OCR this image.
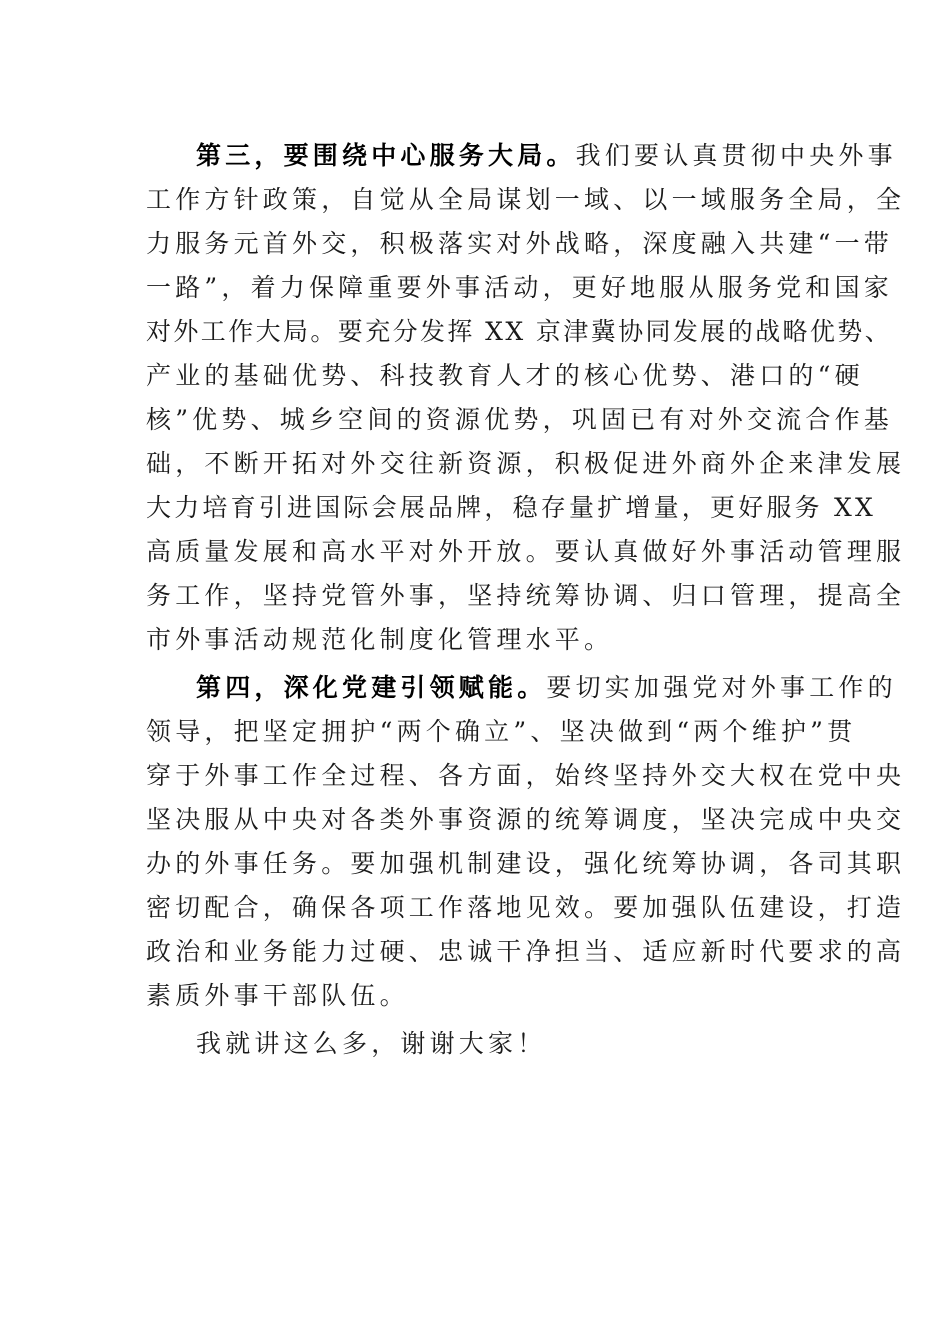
第三，要围绕中心服务大局。我们要认真贯彻中央外事
工作方针政策，自觉从全局谋划一域、以一域服务全局，全
力服务元首外交，积极落实对外战略，深度融入共建“一带
一路”，着力保障重要外事活动，更好地服从服务党和国家
对外工作大局。要充分发挥 XX 京津冀协同发展的战略优势、
产业的基础优势、科技教育人才的核心优势、港口的“硬
核”优势、城乡空间的资源优势，巩固已有对外交流合作基
础，不断开拓对外交往新资源，积极促进外商外企来津发展
大力培育引进国际会展品牌，稳存量扩增量，更好服务 XX
高质量发展和高水平对外开放。要认真做好外事活动管理服
务工作，坚持党管外事，坚持统筹协调、归口管理，提高全
市外事活动规范化制度化管理水平。
第四，深化党建引领赋能。要切实加强党对外事工作的
领导，把坚定拥护“两个确立”、坚决做到“两个维护”贯
穿于外事工作全过程、各方面，始终坚持外交大权在党中央
坚决服从中央对各类外事资源的统筹调度，坚决完成中央交
办的外事任务。要加强机制建设，强化统筹协调，各司其职
密切配合，确保各项工作落地见效。要加强队伍建设，打造
政治和业务能力过硬、忠诚干净担当、适应新时代要求的高
素质外事干部队伍。
我就讲这么多，谢谢大家！
